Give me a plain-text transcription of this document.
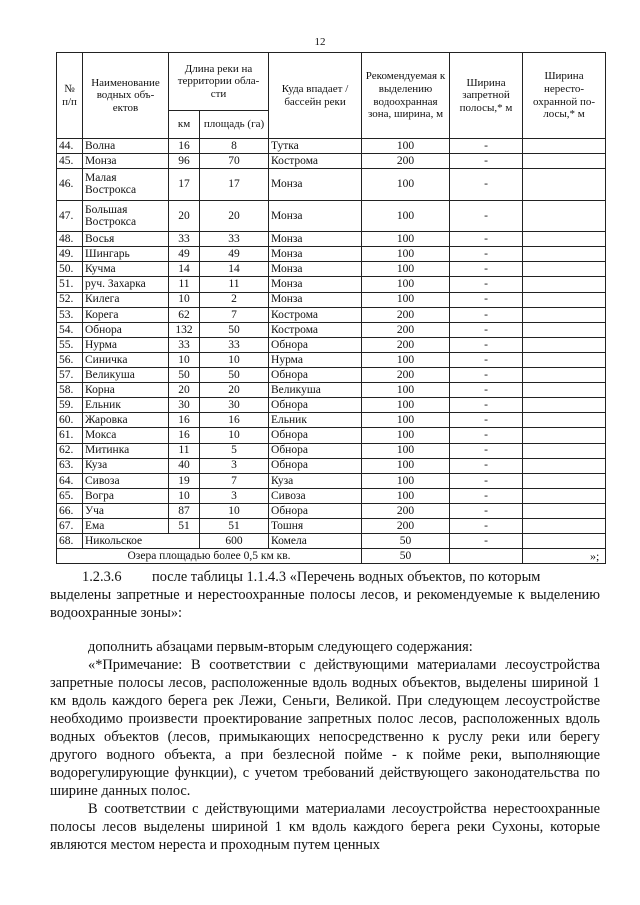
12
№ п/п	Наименование водных объ-ектов	Длина реки на территории обла-сти		Куда впадает / бассейн реки	Рекомендуемая к выделению водоохранная зона, ширина, м	Ширина запретной полосы,* м	Ширина нересто-охранной по-лосы,* м
		км	площадь (га)				
44.	Волна	16	8	Тутка	100	-	
45.	Монза	96	70	Кострома	200	-	
46.	Малая Вострокса	17	17	Монза	100	-	
47.	Большая Вострокса	20	20	Монза	100	-	
48.	Восья	33	33	Монза	100	-	
49.	Шингарь	49	49	Монза	100	-	
50.	Кучма	14	14	Монза	100	-	
51.	руч. Захарка	11	11	Монза	100	-	
52.	Килега	10	2	Монза	100	-	
53.	Корега	62	7	Кострома	200	-	
54.	Обнора	132	50	Кострома	200	-	
55.	Нурма	33	33	Обнора	200	-	
56.	Синичка	10	10	Нурма	100	-	
57.	Великуша	50	50	Обнора	200	-	
58.	Корна	20	20	Великуша	100	-	
59.	Ельник	30	30	Обнора	100	-	
60.	Жаровка	16	16	Ельник	100	-	
61.	Мокса	16	10	Обнора	100	-	
62.	Митинка	11	5	Обнора	100	-	
63.	Куза	40	3	Обнора	100	-	
64.	Сивоза	19	7	Куза	100	-	
65.	Вогра	10	3	Сивоза	100	-	
66.	Уча	87	10	Обнора	200	-	
67.	Ема	51	51	Тошня	200	-	
68.	Никольское		600	Комела	50	-	
Озера площадью более 0,5 км кв.					50			»;

1.2.3.6	после таблицы 1.1.4.3 «Перечень водных объектов, по которым

выделены запретные и нерестоохранные полосы лесов, и рекомендуемые к выделению водоохранные зоны»:

дополнить абзацами первым-вторым следующего содержания:

«*Примечание: В соответствии с действующими материалами лесоустройства запретные полосы лесов, расположенные вдоль водных объектов, выделены шириной 1 км вдоль каждого берега рек Лежи, Сеньги, Великой. При следующем лесоустройстве необходимо произвести проектирование запретных полос лесов, расположенных вдоль водных объектов (лесов, примыкающих непосредственно к руслу реки или берегу другого водного объекта, а при безлесной пойме - к пойме реки, выполняющие водорегулирующие функции), с учетом требований действующего законодательства по ширине данных полос.

В соответствии с действующими материалами лесоустройства нерестоохранные полосы лесов выделены шириной 1 км вдоль каждого берега реки Сухоны, которые являются местом нереста и проходным путем ценных
